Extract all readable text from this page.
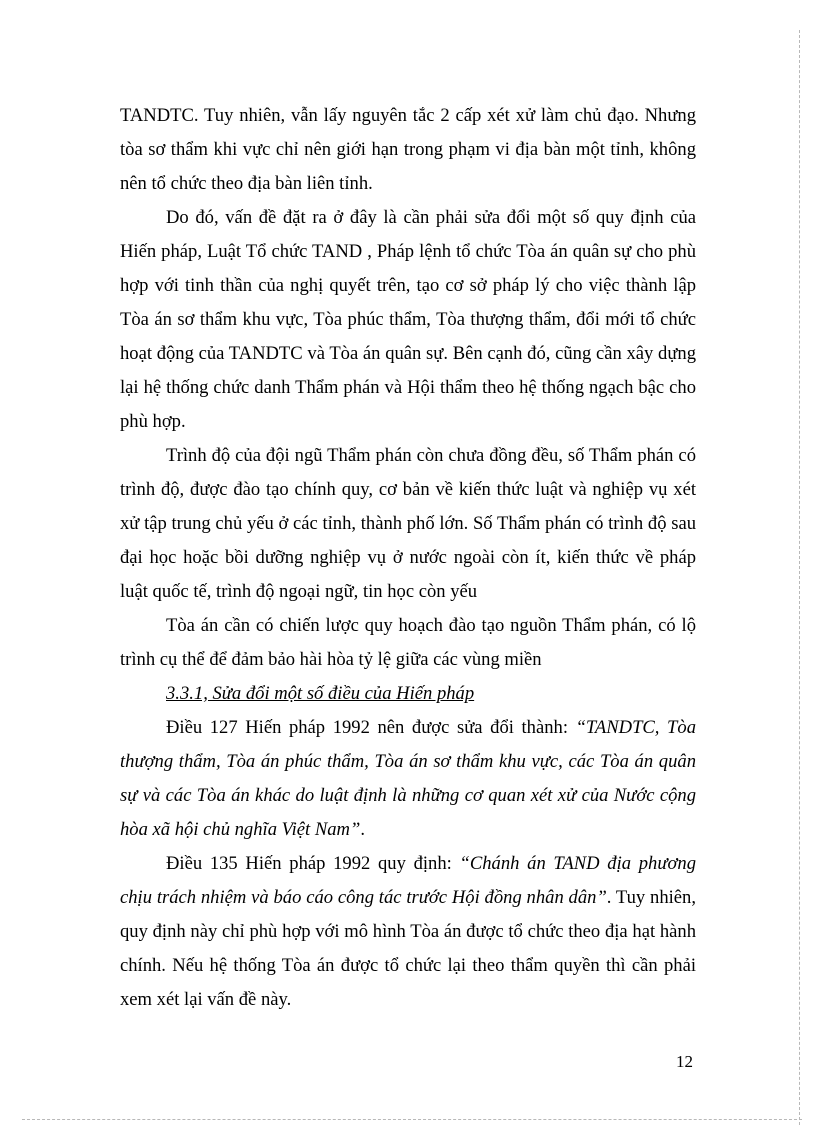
TANDTC. Tuy nhiên, vẫn lấy nguyên tắc 2 cấp xét xử làm chủ đạo. Nhưng tòa sơ thẩm khi vực chỉ nên giới hạn trong phạm vi địa bàn một tỉnh, không nên tổ chức theo địa bàn liên tỉnh.

Do đó, vấn đề đặt ra ở đây là cần phải sửa đổi một số quy định của Hiến pháp, Luật Tổ chức TAND , Pháp lệnh tổ chức Tòa án quân sự cho phù hợp với tinh thần của nghị quyết trên, tạo cơ sở pháp lý cho việc thành lập Tòa án sơ thẩm khu vực, Tòa phúc thẩm, Tòa thượng thẩm, đổi mới tổ chức hoạt động của TANDTC và Tòa án quân sự. Bên cạnh đó, cũng cần xây dựng lại hệ thống chức danh Thẩm phán và Hội thẩm theo hệ thống ngạch bậc cho phù hợp.

Trình độ của đội ngũ Thẩm phán còn chưa đồng đều, số Thẩm phán có trình độ, được đào tạo chính quy, cơ bản về kiến thức luật và nghiệp vụ xét xử tập trung chủ yếu ở các tỉnh, thành phố lớn. Số Thẩm phán có trình độ sau đại học hoặc bồi dưỡng nghiệp vụ ở nước ngoài còn ít, kiến thức về pháp luật quốc tế, trình độ ngoại ngữ, tin học còn yếu

Tòa án cần có chiến lược quy hoạch đào tạo nguồn Thẩm phán, có lộ trình cụ thể để đảm bảo hài hòa tỷ lệ giữa các vùng miền

3.3.1, Sửa đổi một số điều của Hiến pháp

Điều 127 Hiến pháp 1992 nên được sửa đổi thành: “TANDTC, Tòa thượng thẩm, Tòa án phúc thẩm, Tòa án sơ thẩm khu vực, các Tòa án quân sự và các Tòa án khác do luật định là những cơ quan xét xử của Nước cộng hòa xã hội chủ nghĩa Việt Nam”.

Điều 135 Hiến pháp 1992 quy định: “Chánh án TAND địa phương chịu trách nhiệm và báo cáo công tác trước Hội đồng nhân dân”. Tuy nhiên, quy định này chỉ phù hợp với mô hình Tòa án được tổ chức theo địa hạt hành chính. Nếu hệ thống Tòa án được tổ chức lại theo thẩm quyền thì cần phải xem xét lại vấn đề này.

12
